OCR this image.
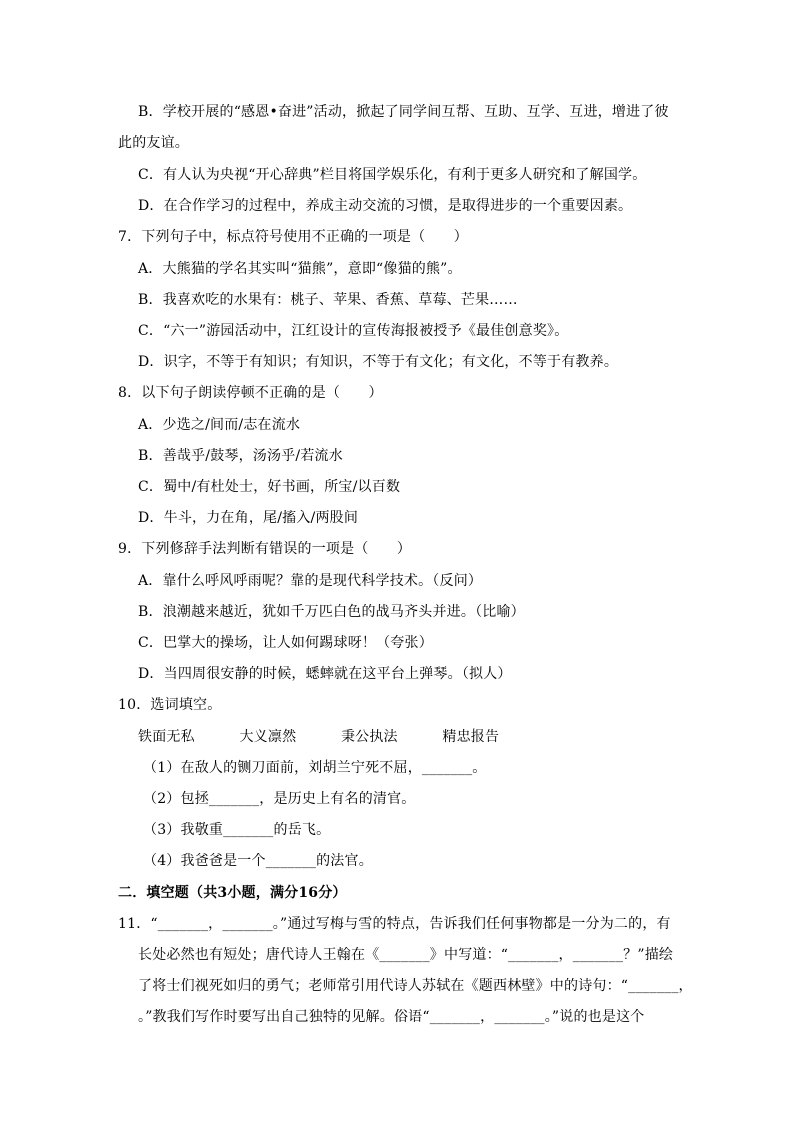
B．学校开展的“感恩•奋进”活动，掀起了同学间互帮、互助、互学、互进，增进了彼
此的友谊。
C．有人认为央视“开心辞典”栏目将国学娱乐化，有利于更多人研究和了解国学。
D．在合作学习的过程中，养成主动交流的习惯，是取得进步的一个重要因素。
7．下列句子中，标点符号使用不正确的一项是（　　）
A．大熊猫的学名其实叫“猫熊”，意即“像猫的熊”。
B．我喜欢吃的水果有：桃子、苹果、香蕉、草莓、芒果……
C．“六一”游园活动中，江红设计的宣传海报被授予《最佳创意奖》。
D．识字，不等于有知识；有知识，不等于有文化；有文化，不等于有教养。
8．以下句子朗读停顿不正确的是（　　）
A．少选之/间而/志在流水
B．善哉乎/鼓琴，汤汤乎/若流水
C．蜀中/有杜处士，好书画，所宝/以百数
D．牛斗，力在角，尾/搐入/两股间
9．下列修辞手法判断有错误的一项是（　　）
A．靠什么呼风呼雨呢？靠的是现代科学技术。（反问）
B．浪潮越来越近，犹如千万匹白色的战马齐头并进。（比喻）
C．巴掌大的操场，让人如何踢球呀！（夸张）
D．当四周很安静的时候，蟋蟀就在这平台上弹琴。（拟人）
10．选词填空。
铁面无私	大义凛然	秉公执法	精忠报告
（1）在敌人的铡刀面前，刘胡兰宁死不屈，_______。
（2）包拯_______，是历史上有名的清官。
（3）我敬重_______的岳飞。
（4）我爸爸是一个_______的法官。
二．填空题（共3小题，满分16分）
11．“_______，_______。”通过写梅与雪的特点，告诉我们任何事物都是一分为二的，有
长处必然也有短处；唐代诗人王翰在《_______》中写道：“_______，_______？”描绘
了将士们视死如归的勇气；老师常引用代诗人苏轼在《题西林壁》中的诗句：“_______，
。”教我们写作时要写出自己独特的见解。俗语“_______，_______。”说的也是这个
